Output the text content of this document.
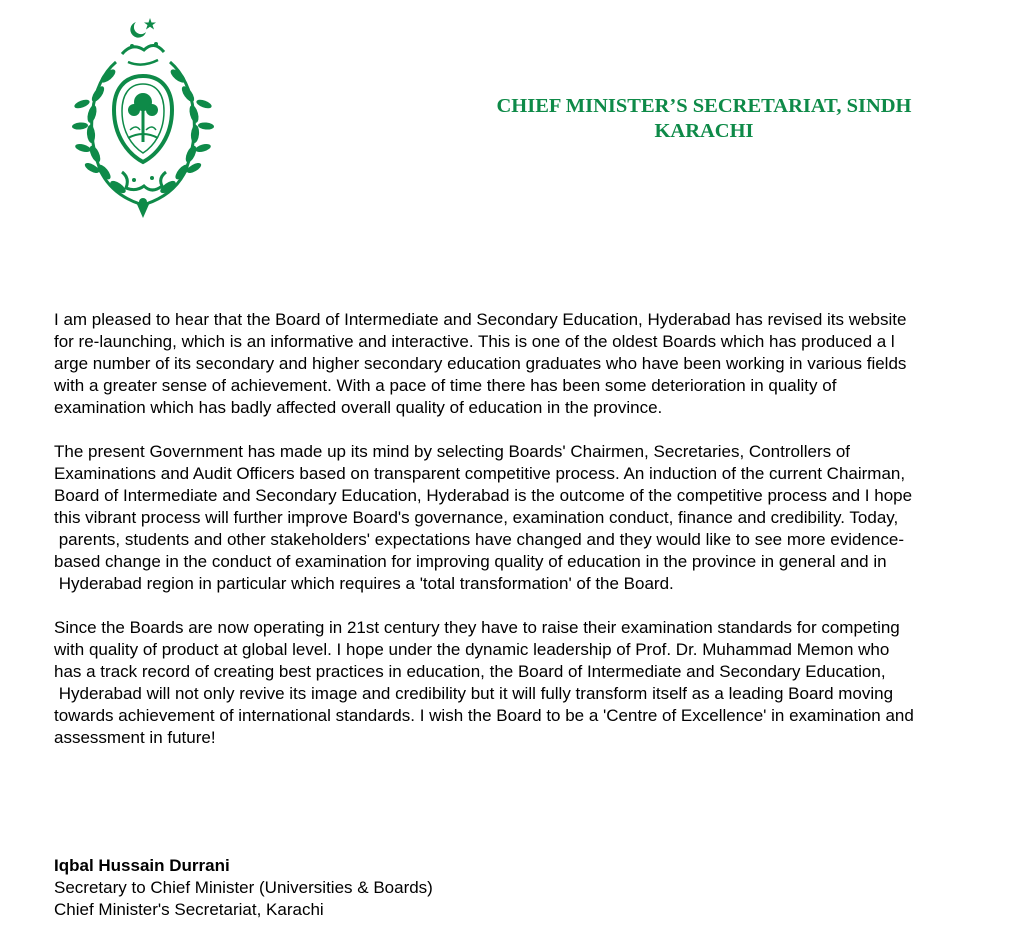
CHIEF MINISTER’S SECRETARIAT, SINDH
KARACHI
I am pleased to hear that the Board of Intermediate and Secondary Education, Hyderabad has revised its website
for re-launching, which is an informative and interactive. This is one of the oldest Boards which has produced a l
arge number of its secondary and higher secondary education graduates who have been working in various fields
with a greater sense of achievement. With a pace of time there has been some deterioration in quality of
examination which has badly affected overall quality of education in the province.
The present Government has made up its mind by selecting Boards' Chairmen, Secretaries, Controllers of
Examinations and Audit Officers based on transparent competitive process. An induction of the current Chairman,
Board of Intermediate and Secondary Education, Hyderabad is the outcome of the competitive process and I hope
this vibrant process will further improve Board's governance, examination conduct, finance and credibility. Today,
parents, students and other stakeholders' expectations have changed and they would like to see more evidence-
based change in the conduct of examination for improving quality of education in the province in general and in
Hyderabad region in particular which requires a 'total transformation' of the Board.
Since the Boards are now operating in 21st century they have to raise their examination standards for competing
with quality of product at global level. I hope under the dynamic leadership of Prof. Dr. Muhammad Memon who
has a track record of creating best practices in education, the Board of Intermediate and Secondary Education,
Hyderabad will not only revive its image and credibility but it will fully transform itself as a leading Board moving
towards achievement of international standards. I wish the Board to be a 'Centre of Excellence' in examination and
assessment in future!
Iqbal Hussain Durrani
Secretary to Chief Minister (Universities & Boards)
Chief Minister's Secretariat, Karachi
